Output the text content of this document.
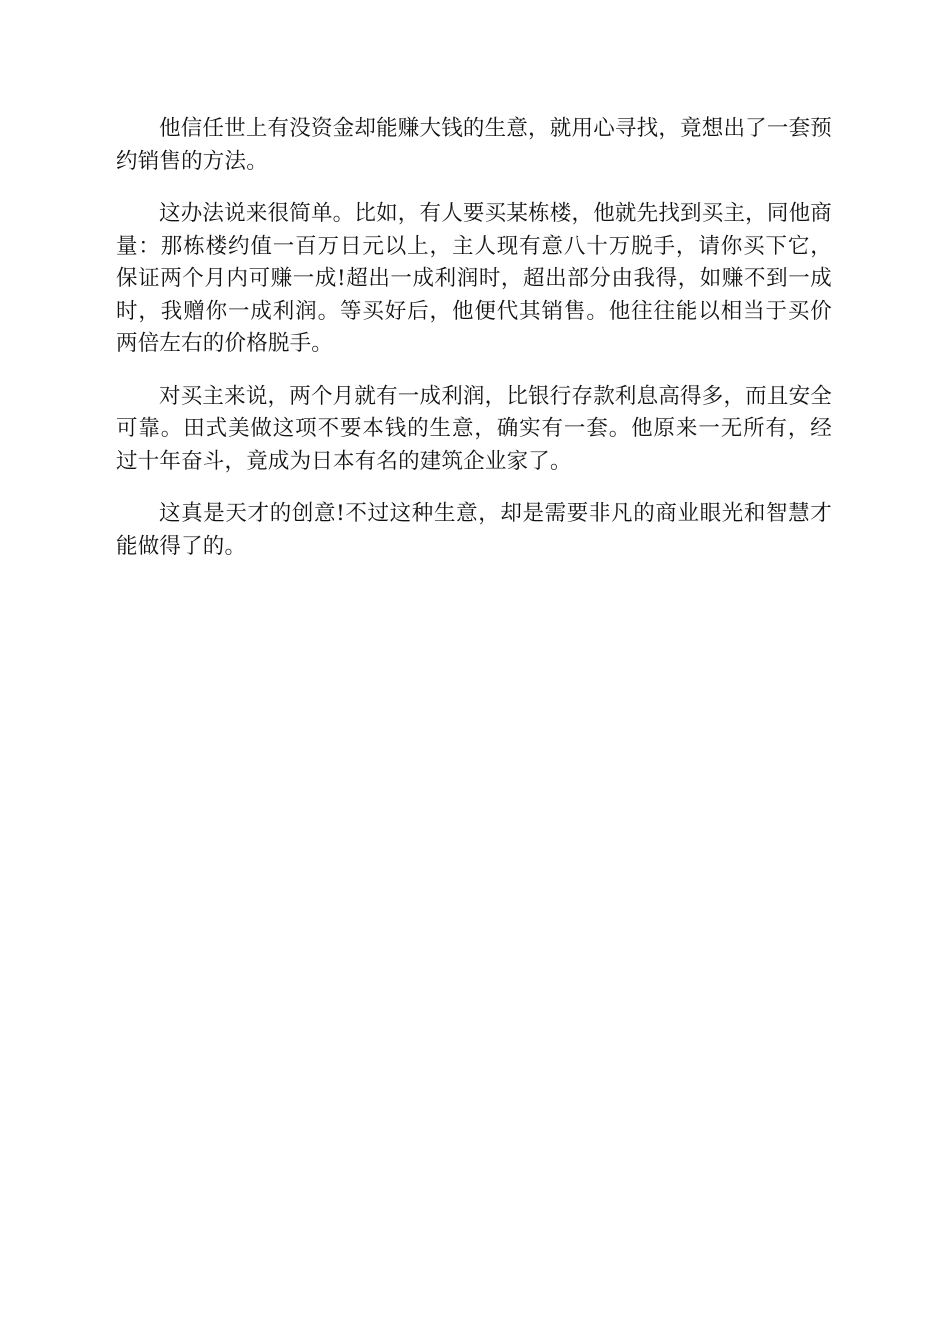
他信任世上有没资金却能赚大钱的生意，就用心寻找，竟想出了一套预约销售的方法。

这办法说来很简单。比如，有人要买某栋楼，他就先找到买主，同他商量：那栋楼约值一百万日元以上，主人现有意八十万脱手，请你买下它，保证两个月内可赚一成!超出一成利润时，超出部分由我得，如赚不到一成时，我赠你一成利润。等买好后，他便代其销售。他往往能以相当于买价两倍左右的价格脱手。

对买主来说，两个月就有一成利润，比银行存款利息高得多，而且安全可靠。田式美做这项不要本钱的生意，确实有一套。他原来一无所有，经过十年奋斗，竟成为日本有名的建筑企业家了。

这真是天才的创意!不过这种生意，却是需要非凡的商业眼光和智慧才能做得了的。
